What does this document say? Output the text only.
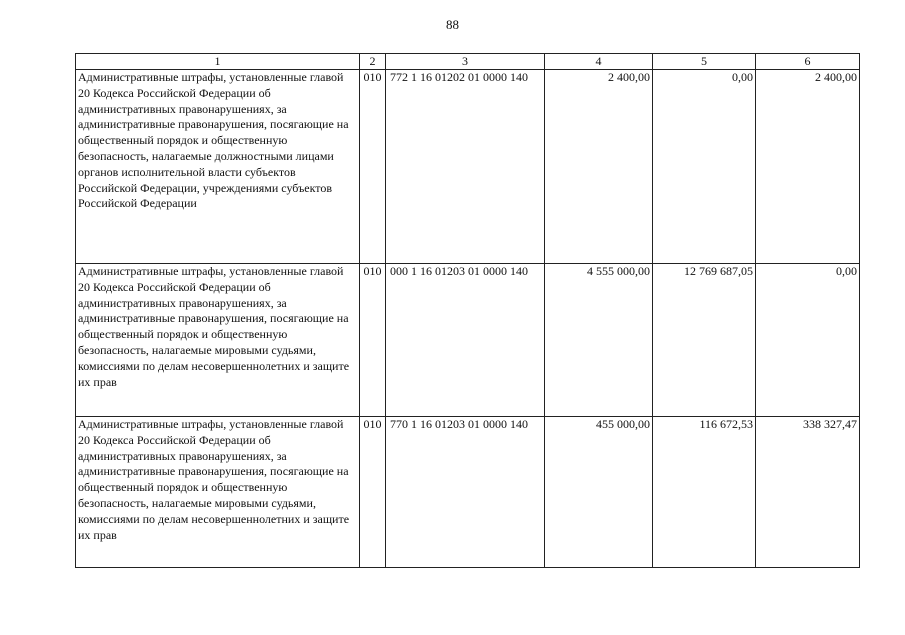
88
1	2	3	4	5	6
Административные штрафы, установленные главой 20 Кодекса Российской Федерации об административных правонарушениях, за административные правонарушения, посягающие на общественный порядок и общественную безопасность, налагаемые должностными лицами органов исполнительной власти субъектов Российской Федерации, учреждениями субъектов Российской Федерации	010	772 1 16 01202 01 0000 140	2 400,00	0,00	2 400,00
Административные штрафы, установленные главой 20 Кодекса Российской Федерации об административных правонарушениях, за административные правонарушения, посягающие на общественный порядок и общественную безопасность, налагаемые мировыми судьями, комиссиями по делам несовершеннолетних и защите их прав	010	000 1 16 01203 01 0000 140	4 555 000,00	12 769 687,05	0,00
Административные штрафы, установленные главой 20 Кодекса Российской Федерации об административных правонарушениях, за административные правонарушения, посягающие на общественный порядок и общественную безопасность, налагаемые мировыми судьями, комиссиями по делам несовершеннолетних и защите их прав	010	770 1 16 01203 01 0000 140	455 000,00	116 672,53	338 327,47
